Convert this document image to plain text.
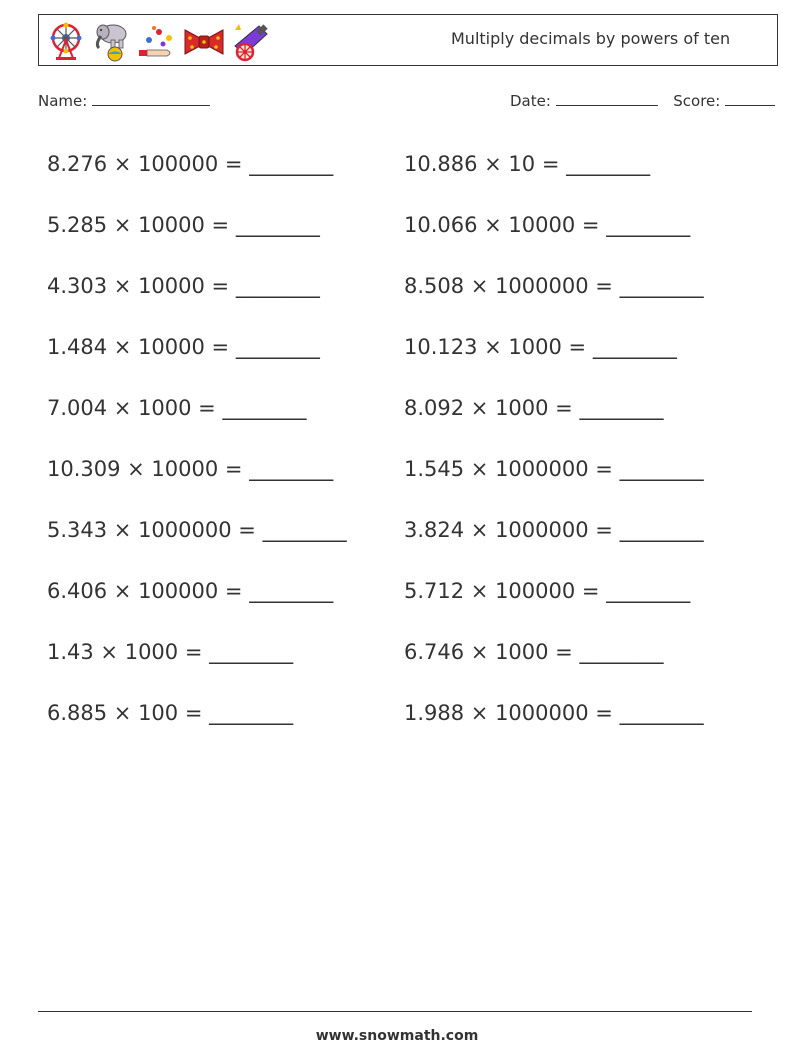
Multiply decimals by powers of ten
Name:	Date:	Score:
8.276 × 100000 = ________
5.285 × 10000 = ________
4.303 × 10000 = ________
1.484 × 10000 = ________
7.004 × 1000 = ________
10.309 × 10000 = ________
5.343 × 1000000 = ________
6.406 × 100000 = ________
1.43 × 1000 = ________
6.885 × 100 = ________
10.886 × 10 = ________
10.066 × 10000 = ________
8.508 × 1000000 = ________
10.123 × 1000 = ________
8.092 × 1000 = ________
1.545 × 1000000 = ________
3.824 × 1000000 = ________
5.712 × 100000 = ________
6.746 × 1000 = ________
1.988 × 1000000 = ________
www.snowmath.com
